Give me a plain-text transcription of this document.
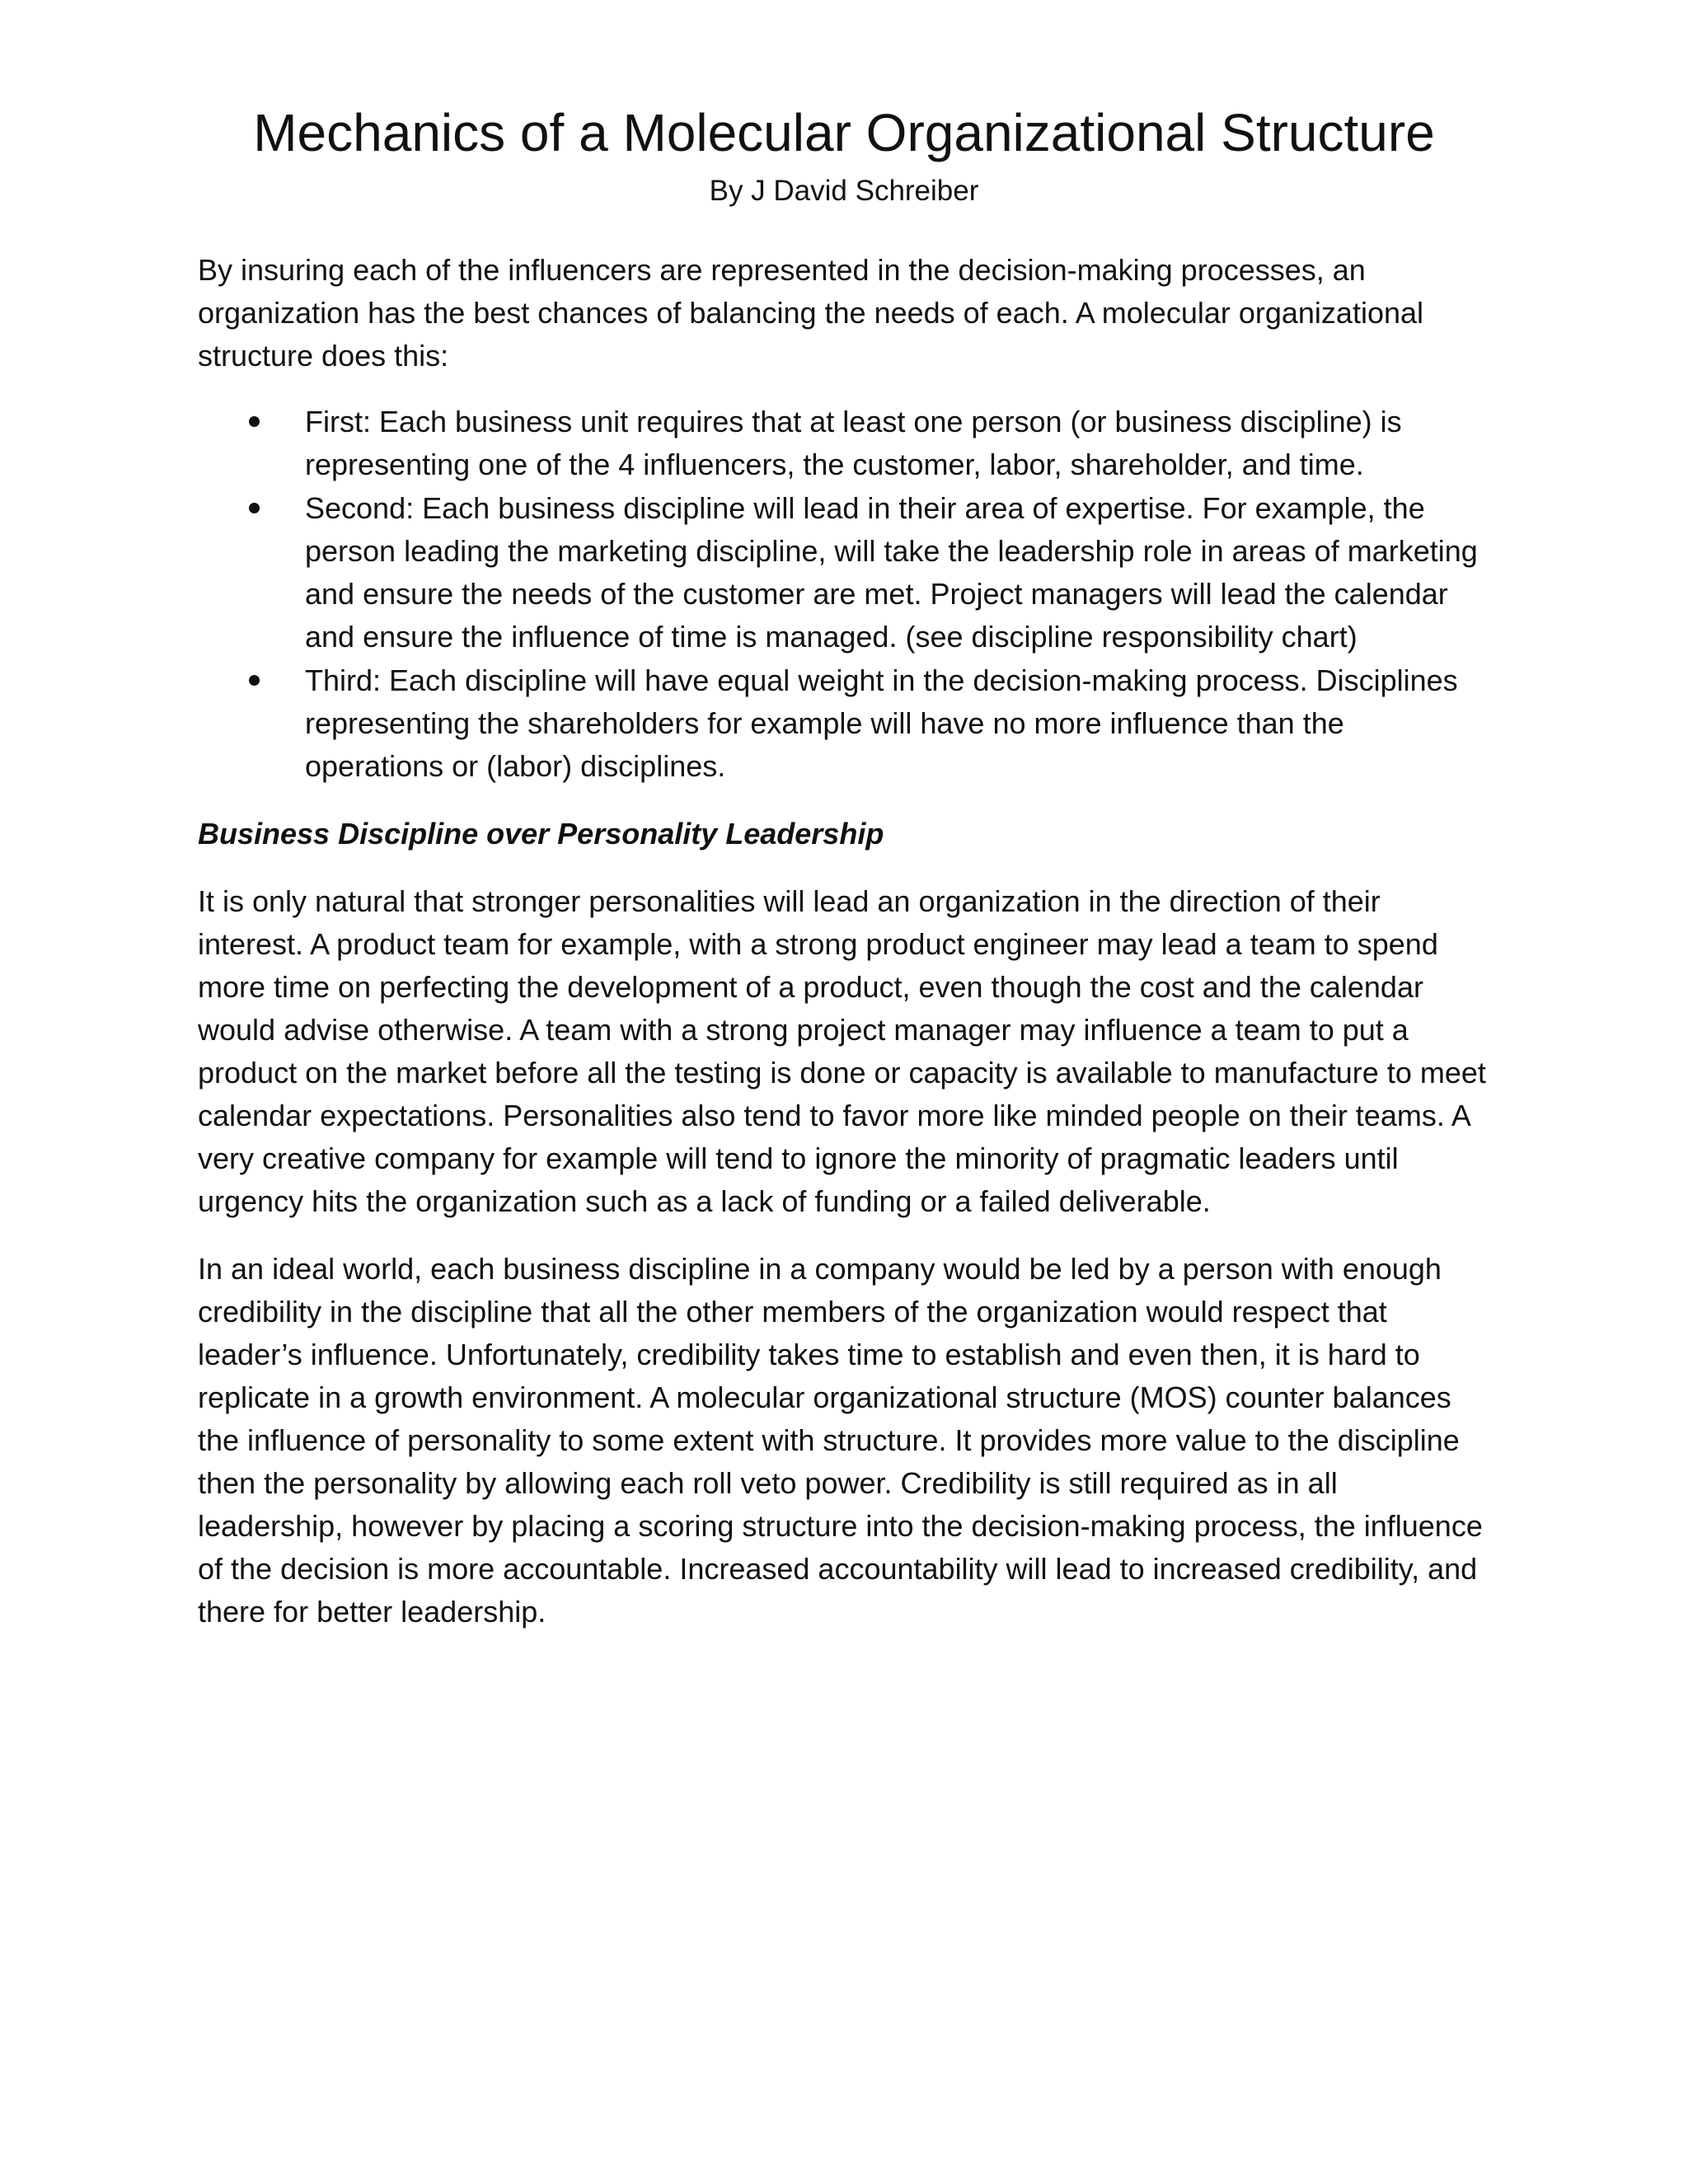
Mechanics of a Molecular Organizational Structure

By J David Schreiber

By insuring each of the influencers are represented in the decision-making processes, an organization has the best chances of balancing the needs of each. A molecular organizational structure does this:

First: Each business unit requires that at least one person (or business discipline) is representing one of the 4 influencers, the customer, labor, shareholder, and time.
Second: Each business discipline will lead in their area of expertise. For example, the person leading the marketing discipline, will take the leadership role in areas of marketing and ensure the needs of the customer are met. Project managers will lead the calendar and ensure the influence of time is managed. (see discipline responsibility chart)
Third: Each discipline will have equal weight in the decision-making process. Disciplines representing the shareholders for example will have no more influence than the operations or (labor) disciplines.
Business Discipline over Personality Leadership

It is only natural that stronger personalities will lead an organization in the direction of their interest. A product team for example, with a strong product engineer may lead a team to spend more time on perfecting the development of a product, even though the cost and the calendar would advise otherwise. A team with a strong project manager may influence a team to put a product on the market before all the testing is done or capacity is available to manufacture to meet calendar expectations. Personalities also tend to favor more like minded people on their teams. A very creative company for example will tend to ignore the minority of pragmatic leaders until urgency hits the organization such as a lack of funding or a failed deliverable.

In an ideal world, each business discipline in a company would be led by a person with enough credibility in the discipline that all the other members of the organization would respect that leader’s influence. Unfortunately, credibility takes time to establish and even then, it is hard to replicate in a growth environment. A molecular organizational structure (MOS) counter balances the influence of personality to some extent with structure. It provides more value to the discipline then the personality by allowing each roll veto power. Credibility is still required as in all leadership, however by placing a scoring structure into the decision-making process, the influence of the decision is more accountable. Increased accountability will lead to increased credibility, and there for better leadership.
